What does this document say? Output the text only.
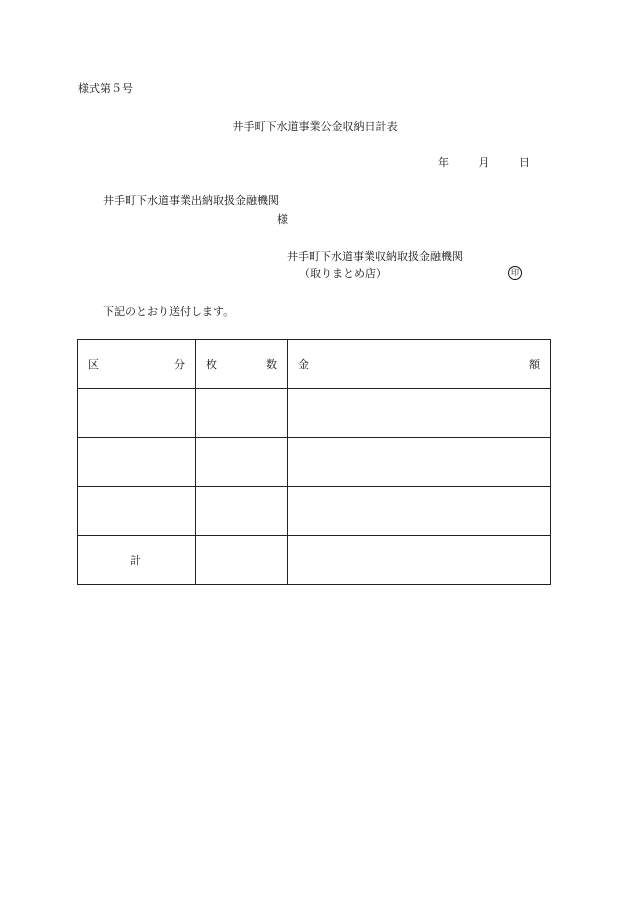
様式第５号
井手町下水道事業公金収納日計表
年	月	日
井手町下水道事業出納取扱金融機関
様
井手町下水道事業収納取扱金融機関
（取りまとめ店）	印
下記のとおり送付します。
区 分	枚 数	金 額

計		
